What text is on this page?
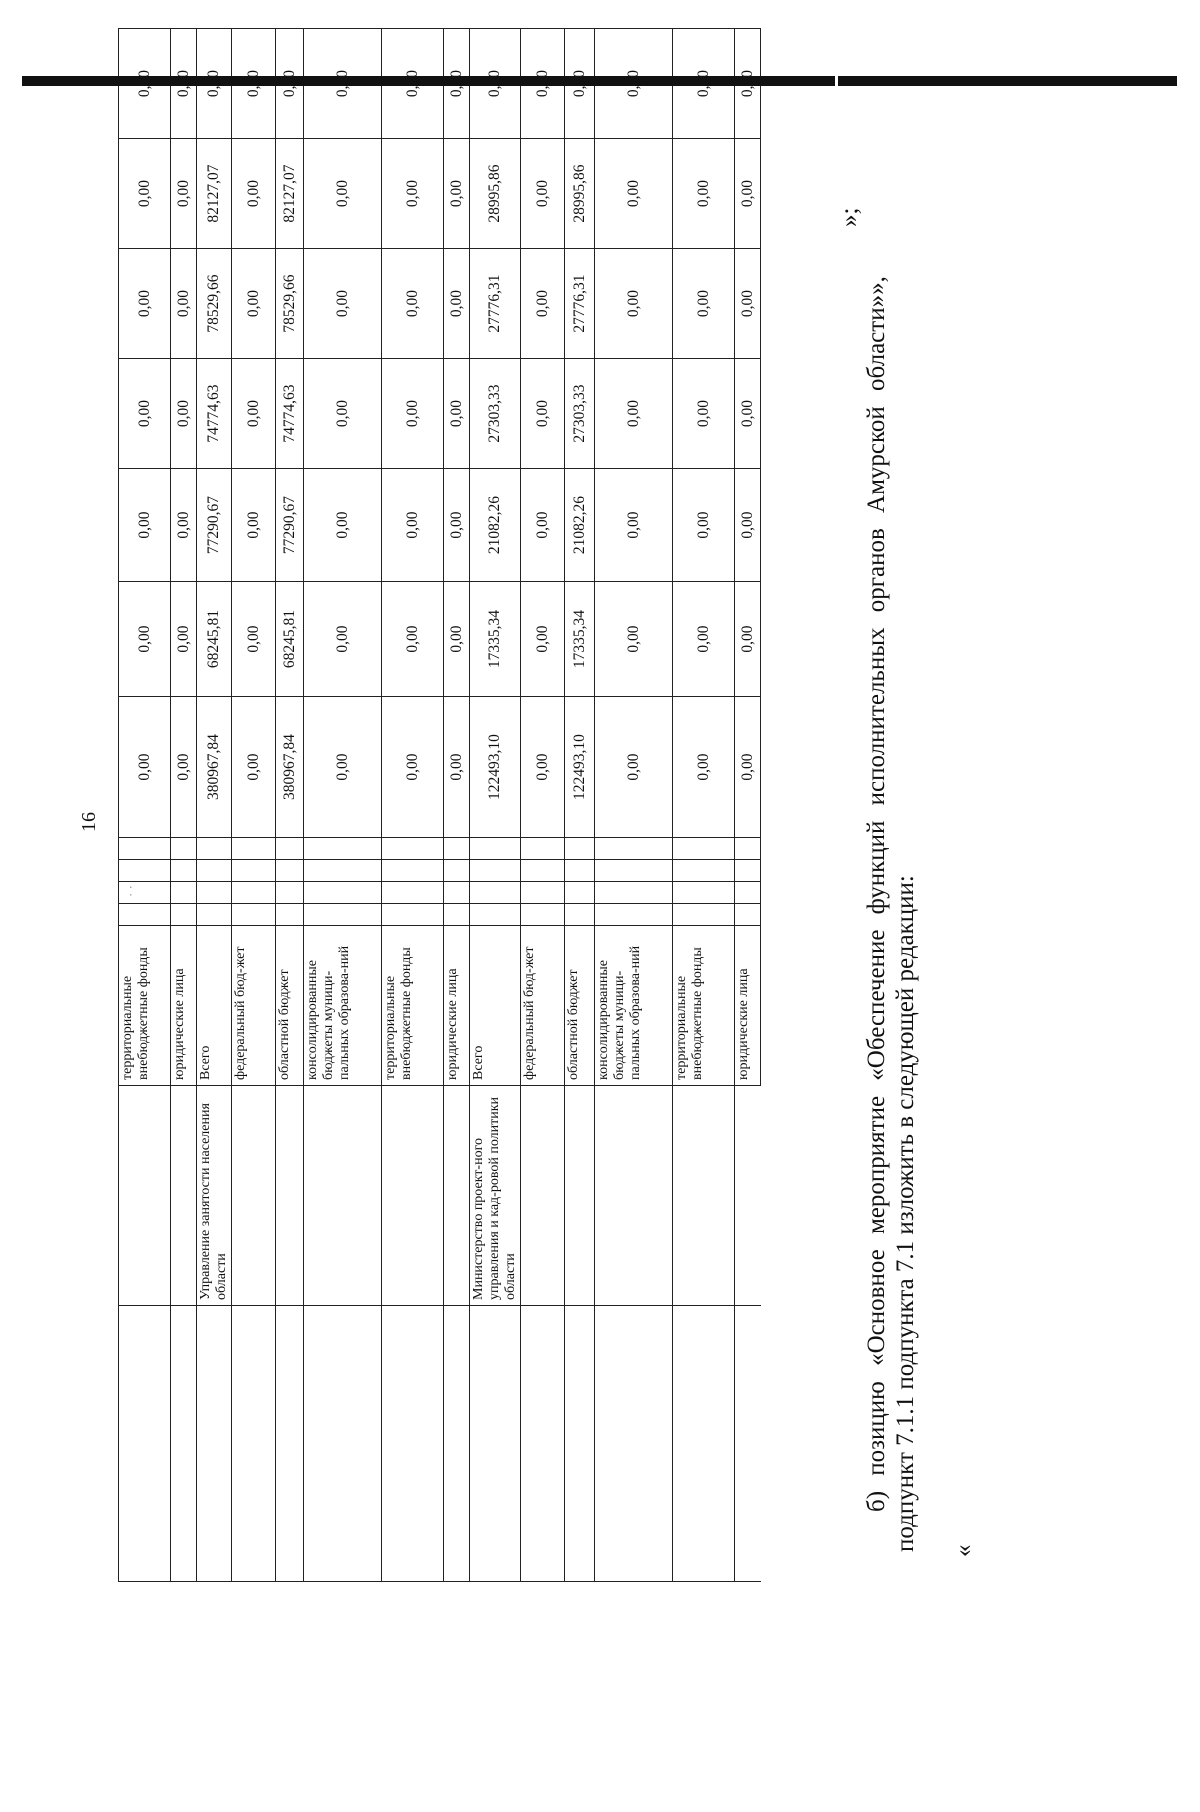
16
· ·
		территориальные внебюджетные фонды					0,00	0,00	0,00	0,00	0,00	0,00	
		юридические лица					0,00	0,00	0,00	0,00	0,00	0,00	
	Управление занятости населения области	Всего					380967,84	68245,81	77290,67	74774,63	78529,66	82127,07	
		федеральный бюд-жет					0,00	0,00	0,00	0,00	0,00	0,00	
		областной бюджет					380967,84	68245,81	77290,67	74774,63	78529,66	82127,07	
		консолидированные бюджеты муници-пальных образова-ний					0,00	0,00	0,00	0,00	0,00	0,00	
		территориальные внебюджетные фонды					0,00	0,00	0,00	0,00	0,00	0,00	
		юридические лица					0,00	0,00	0,00	0,00	0,00	0,00	
	Министерство проект-ного управления и кад-ровой политики области	Всего					122493,10	17335,34	21082,26	27303,33	27776,31	28995,86	
		федеральный бюд-жет					0,00	0,00	0,00	0,00	0,00	0,00	
		областной бюджет					122493,10	17335,34	21082,26	27303,33	27776,31	28995,86	
		консолидированные бюджеты муници-пальных образова-ний					0,00	0,00	0,00	0,00	0,00	0,00	
		территориальные внебюджетные фонды					0,00	0,00	0,00	0,00	0,00	0,00	
		юридические лица					0,00	0,00	0,00	0,00	0,00	0,00	
»;
б) позицию «Основное мероприятие «Обеспечение функций исполнительных органов Амурской области»», подпункт 7.1.1 подпункта 7.1 изложить в следующей редакции: «
